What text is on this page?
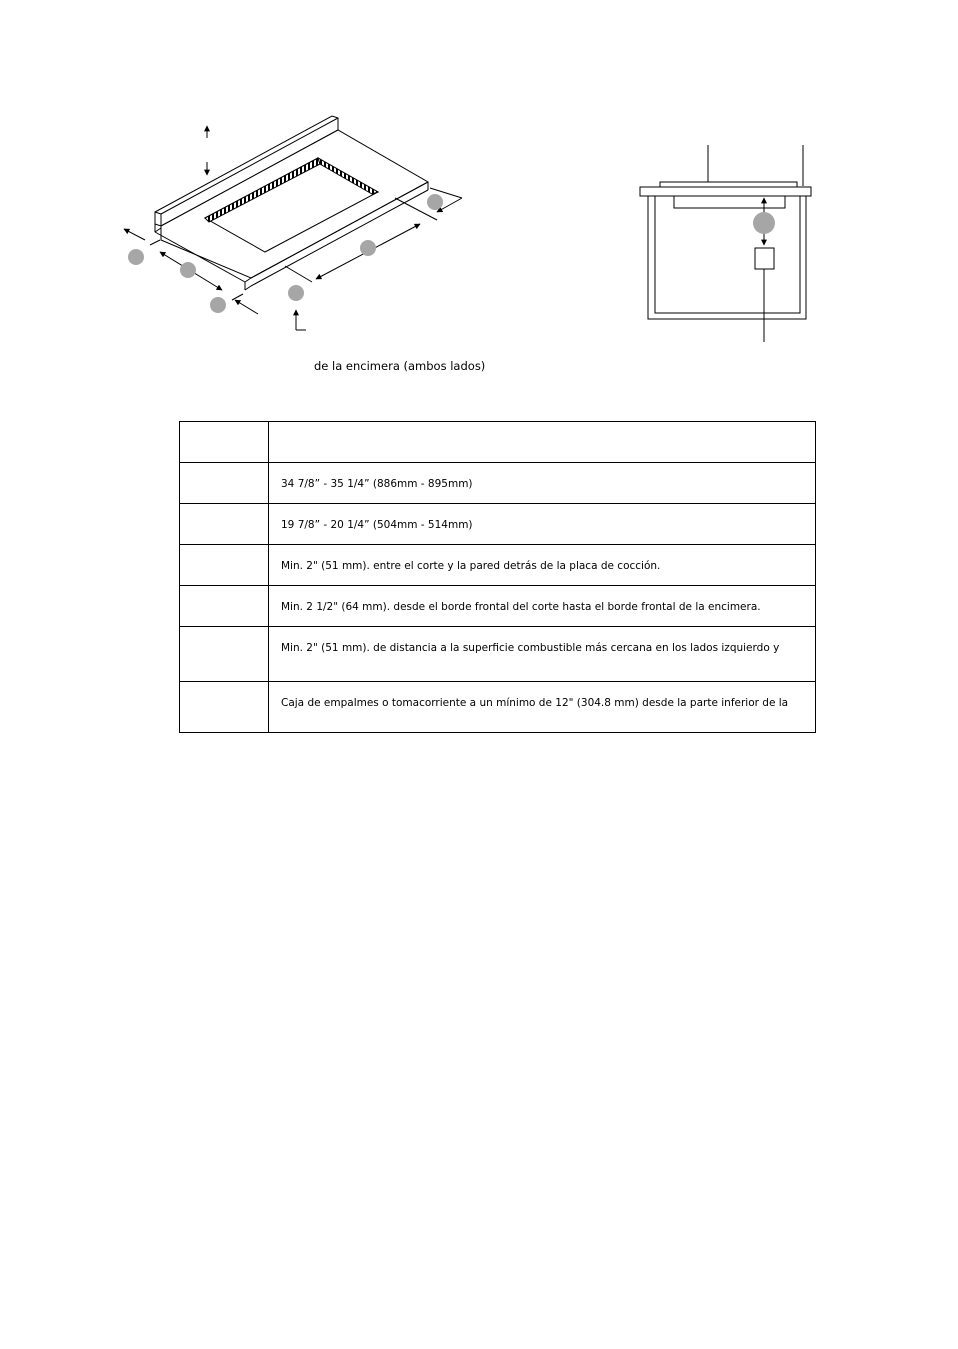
de la encimera (ambos lados)

	34 7/8” - 35 1/4” (886mm - 895mm)

	19 7/8” - 20 1/4” (504mm - 514mm)

	Min. 2" (51 mm). entre el corte y la pared detrás de la placa de cocción.

	Min. 2 1/2" (64 mm). desde el borde frontal del corte hasta el borde frontal de la encimera.

	Min. 2" (51 mm). de distancia a la superficie combustible más cercana en los lados izquierdo y

	Caja de empalmes o tomacorriente a un mínimo de 12" (304.8 mm) desde la parte inferior de la
